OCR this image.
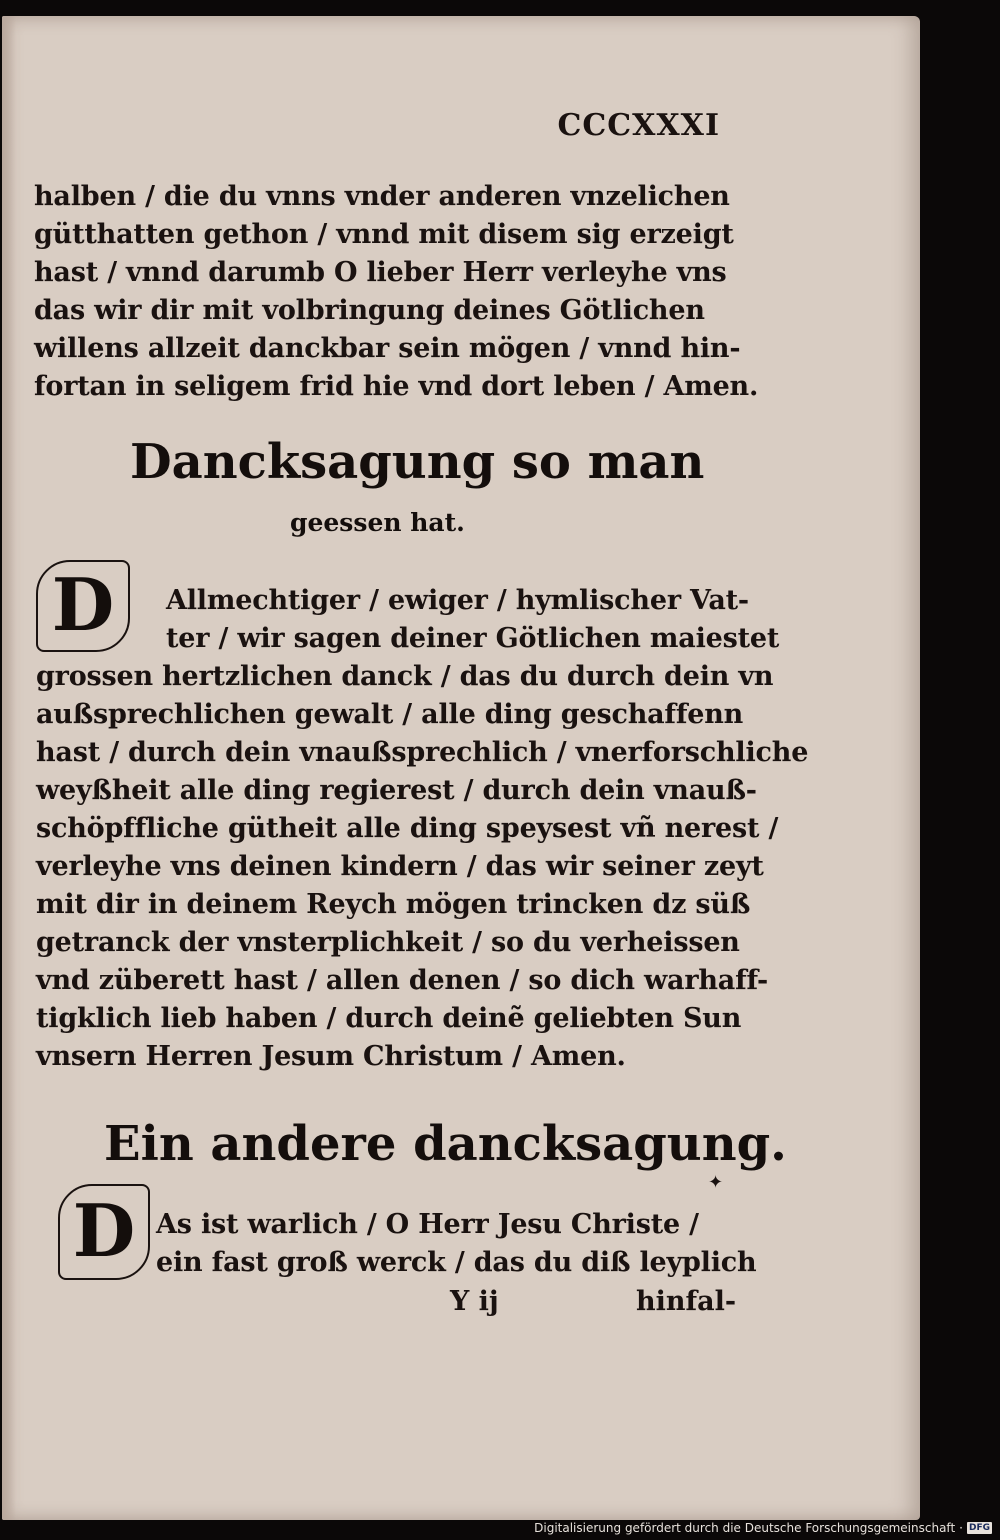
CCCXXXI
halben / die du vnns vnder anderen vnzelichen
gütthatten gethon / vnnd mit disem sig erzeigt
hast / vnnd darumb O lieber Herr verleyhe vns
das wir dir mit volbringung deines Götlichen
willens allzeit danckbar sein mögen / vnnd hin-
fortan in seligem frid hie vnd dort leben / Amen.
Dancksagung so man
geessen hat.
D	Allmechtiger / ewiger / hymlischer Vat-
ter / wir sagen deiner Götlichen maiestet
grossen hertzlichen danck / das du durch dein vn
außsprechlichen gewalt / alle ding geschaffenn
hast / durch dein vnaußsprechlich / vnerforschliche
weyßheit alle ding regierest / durch dein vnauß-
schöpffliche gütheit alle ding speysest vñ nerest /
verleyhe vns deinen kindern / das wir seiner zeyt
mit dir in deinem Reych mögen trincken dz süß
getranck der vnsterplichkeit / so du verheissen
vnd züberett hast / allen denen / so dich warhaff-
tigklich lieb haben / durch deinẽ geliebten Sun
vnsern Herren Jesum Christum / Amen.
Ein andere dancksagung.
✦
D As ist warlich / O Herr Jesu Christe /
ein fast groß werck / das du diß leyplich
Y ij	hinfal-
Digitalisierung gefördert durch die Deutsche Forschungsgemeinschaft · DFG
